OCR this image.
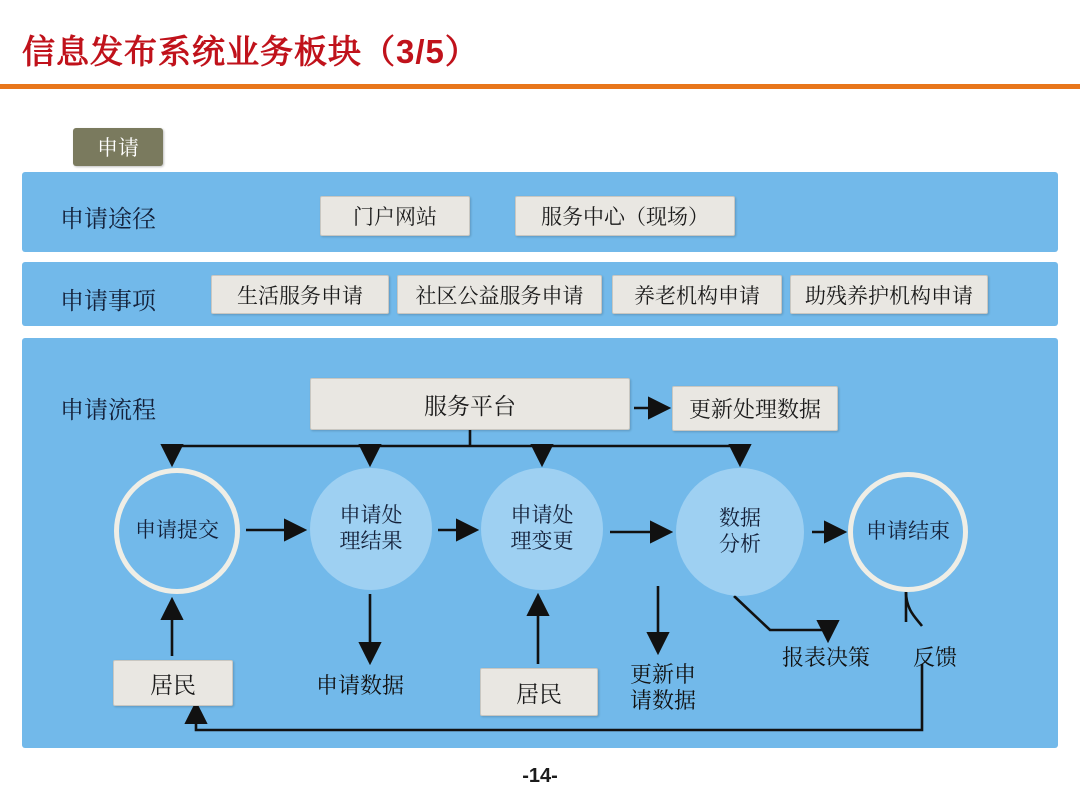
信息发布系统业务板块（3/5）
申请
申请途径	门户网站	服务中心（现场）
申请事项	生活服务申请	社区公益服务申请	养老机构申请	助残养护机构申请
申请流程	服务平台	更新处理数据
居民	居民
申请提交
申请处
理结果
申请处
理变更
数据
分析
申请结束
申请数据	更新申
请数据
报表决策 反馈
-14-
